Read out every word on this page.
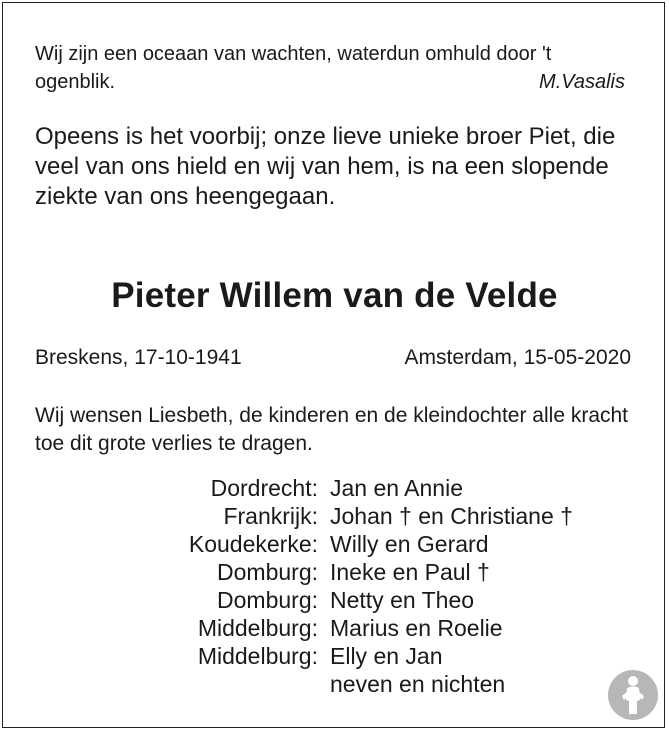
Wij zijn een oceaan van wachten, waterdun omhuld door 't ogenblik.	M.Vasalis
Opeens is het voorbij; onze lieve unieke broer Piet, die veel van ons hield en wij van hem, is na een slopende ziekte van ons heengegaan.
Pieter Willem van de Velde
Breskens, 17-10-1941	Amsterdam, 15-05-2020
Wij wensen Liesbeth, de kinderen en de kleindochter alle kracht toe dit grote verlies te dragen.
Dordrecht: Jan en Annie
Frankrijk: Johan † en Christiane †
Koudekerke: Willy en Gerard
Domburg: Ineke en Paul †
Domburg: Netty en Theo
Middelburg: Marius en Roelie
Middelburg: Elly en Jan
neven en nichten
